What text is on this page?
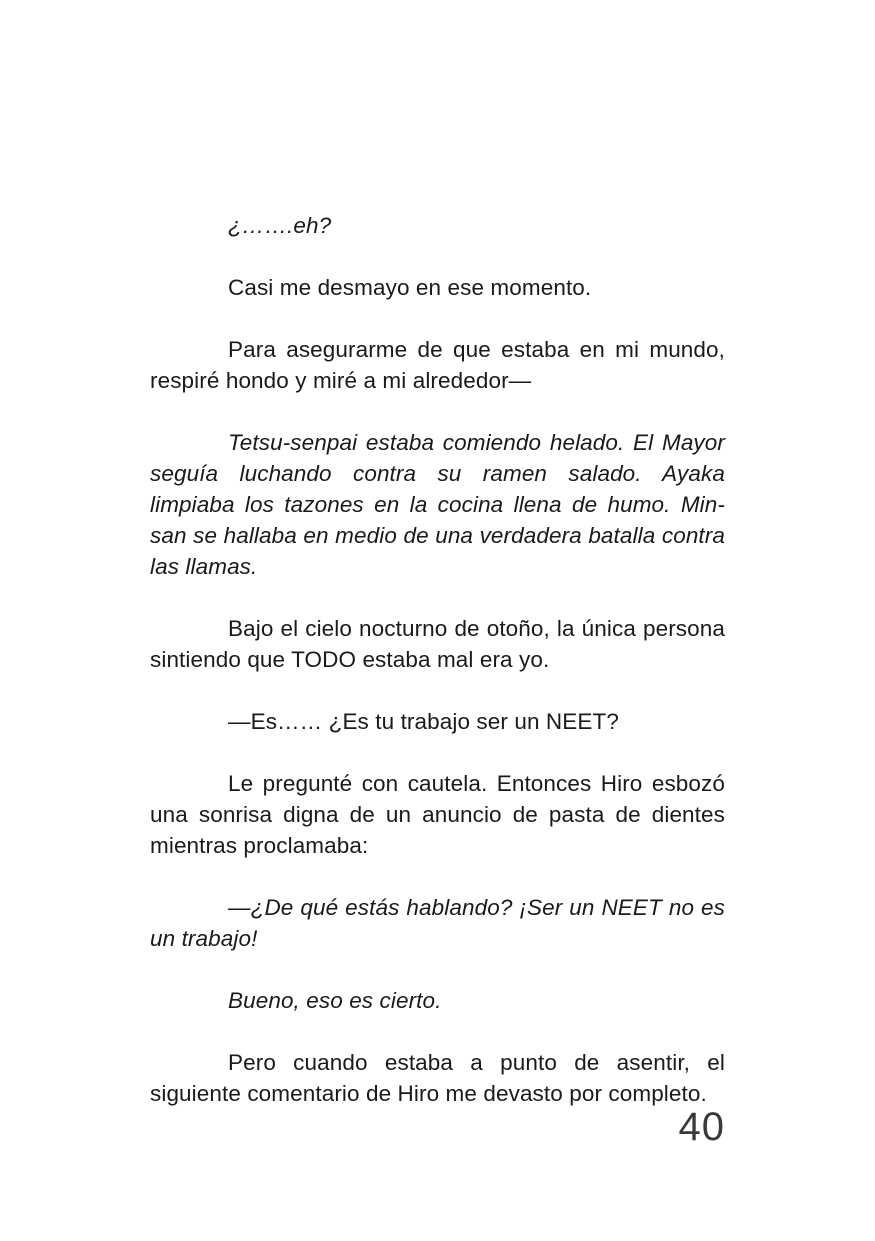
¿…….eh?

Casi me desmayo en ese momento.

Para asegurarme de que estaba en mi mundo, respiré hondo y miré a mi alrededor—

Tetsu-senpai estaba comiendo helado. El Mayor seguía luchando contra su ramen salado. Ayaka limpiaba los tazones en la cocina llena de humo. Min-san se hallaba en medio de una verdadera batalla contra las llamas.

Bajo el cielo nocturno de otoño, la única persona sintiendo que TODO estaba mal era yo.

—Es…… ¿Es tu trabajo ser un NEET?

Le pregunté con cautela. Entonces Hiro esbozó una sonrisa digna de un anuncio de pasta de dientes mientras proclamaba:

—¿De qué estás hablando? ¡Ser un NEET no es un trabajo!

Bueno, eso es cierto.

Pero cuando estaba a punto de asentir, el siguiente comentario de Hiro me devasto por completo.

40
